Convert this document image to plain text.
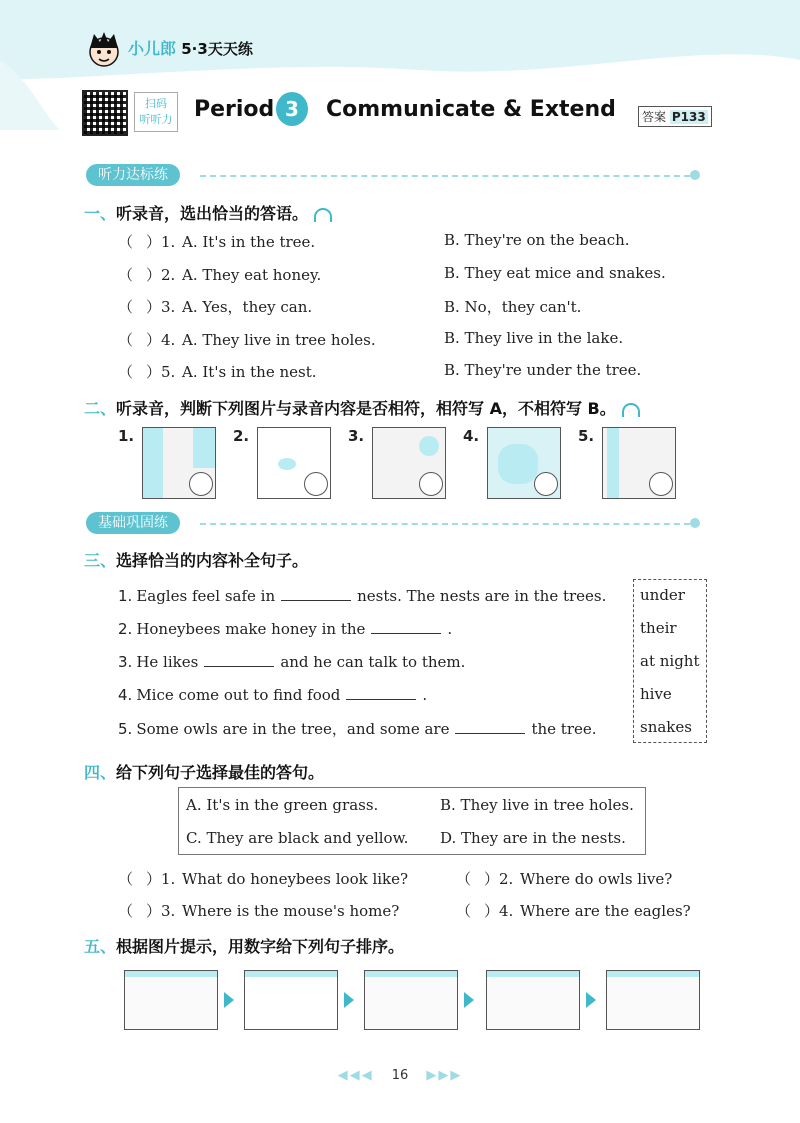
小儿郎 5·3天天练
扫码
听听力 Period 3	Communicate & Extend	答案 P133
听力达标练
一、听录音，选出恰当的答语。
（ ）1. A. It's in the tree.	B. They're on the beach.
（ ）2. A. They eat honey.	B. They eat mice and snakes.
（ ）3. A. Yes，they can.	B. No，they can't.
（ ）4. A. They live in tree holes.	B. They live in the lake.
（ ）5. A. It's in the nest.	B. They're under the tree.
二、听录音，判断下列图片与录音内容是否相符，相符写 A，不相符写 B。
1.	2.	3.	4.	5.
基础巩固练
三、选择恰当的内容补全句子。
1. Eagles feel safe in	nests. The nests are in the trees.
2. Honeybees make honey in the	.
3. He likes	and he can talk to them.
4. Mice come out to find food	.
5. Some owls are in the tree，and some are	the tree.
under
their
at night
hive
snakes
四、给下列句子选择最佳的答句。
A. It's in the green grass.	B. They live in tree holes.
C. They are black and yellow. D. They are in the nests.
（ ）1. What do honeybees look like?	（ ）2. Where do owls live?
（ ）3. Where is the mouse's home?	（ ）4. Where are the eagles?
五、根据图片提示，用数字给下列句子排序。
◀◀◀ 16 ▶▶▶
